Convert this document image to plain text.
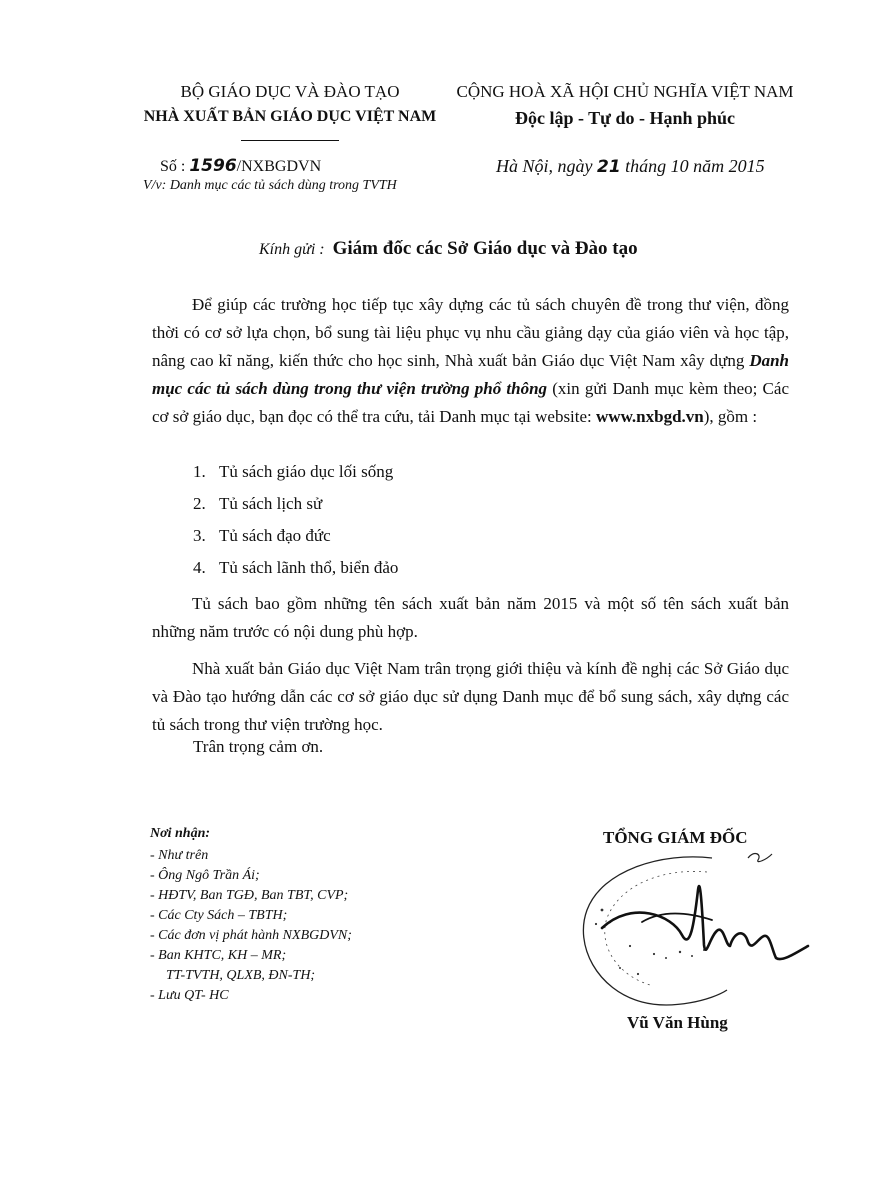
BỘ GIÁO DỤC VÀ ĐÀO TẠO
NHÀ XUẤT BẢN GIÁO DỤC VIỆT NAM
CỘNG HOÀ XÃ HỘI CHỦ NGHĨA VIỆT NAM
Độc lập - Tự do - Hạnh phúc
Số : 1596/NXBGDVN
V/v: Danh mục các tủ sách dùng trong TVTH
Hà Nội, ngày 21 tháng 10 năm 2015
Kính gửi : Giám đốc các Sở Giáo dục và Đào tạo
Để giúp các trường học tiếp tục xây dựng các tủ sách chuyên đề trong thư viện, đồng thời có cơ sở lựa chọn, bổ sung tài liệu phục vụ nhu cầu giảng dạy của giáo viên và học tập, nâng cao kĩ năng, kiến thức cho học sinh, Nhà xuất bản Giáo dục Việt Nam xây dựng Danh mục các tủ sách dùng trong thư viện trường phổ thông (xin gửi Danh mục kèm theo; Các cơ sở giáo dục, bạn đọc có thể tra cứu, tải Danh mục tại website: www.nxbgd.vn), gồm :
1. Tủ sách giáo dục lối sống
2. Tủ sách lịch sử
3. Tủ sách đạo đức
4. Tủ sách lãnh thổ, biển đảo
Tủ sách bao gồm những tên sách xuất bản năm 2015 và một số tên sách xuất bản những năm trước có nội dung phù hợp.
Nhà xuất bản Giáo dục Việt Nam trân trọng giới thiệu và kính đề nghị các Sở Giáo dục và Đào tạo hướng dẫn các cơ sở giáo dục sử dụng Danh mục để bổ sung sách, xây dựng các tủ sách trong thư viện trường học.
Trân trọng cảm ơn.
Nơi nhận:
- Như trên
- Ông Ngô Trần Ái;
- HĐTV, Ban TGĐ, Ban TBT, CVP;
- Các Cty Sách – TBTH;
- Các đơn vị phát hành NXBGDVN;
- Ban KHTC, KH – MR;
TT-TVTH, QLXB, ĐN-TH;
- Lưu QT- HC
TỔNG GIÁM ĐỐC
Vũ Văn Hùng
